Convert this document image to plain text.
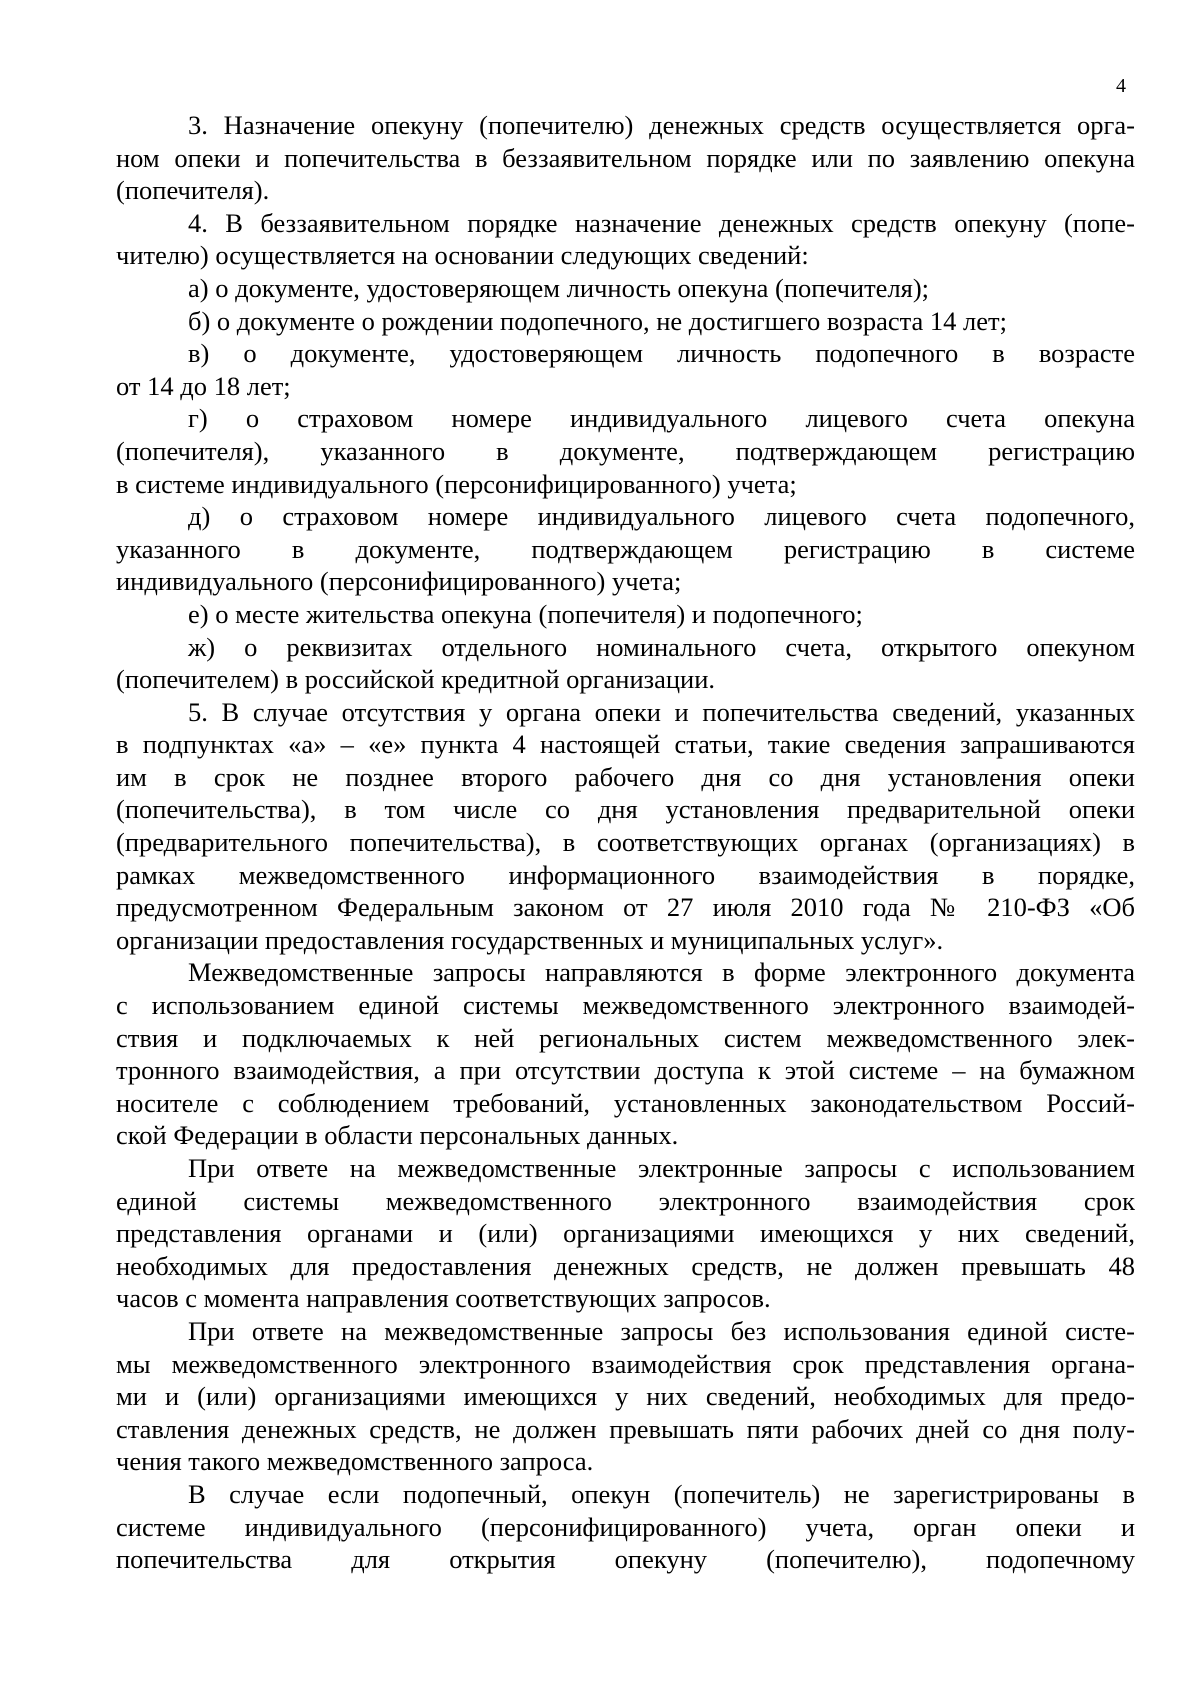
4
3. Назначение опекуну (попечителю) денежных средств осуществляется орга-
ном опеки и попечительства в беззаявительном порядке или по заявлению опекуна
(попечителя).
4. В беззаявительном порядке назначение денежных средств опекуну (попе-
чителю) осуществляется на основании следующих сведений:
а) о документе, удостоверяющем личность опекуна (попечителя);
б) о документе о рождении подопечного, не достигшего возраста 14 лет;
в) о документе, удостоверяющем личность подопечного в возрасте
от 14 до 18 лет;
г) о страховом номере индивидуального лицевого счета опекуна
(попечителя), указанного в документе, подтверждающем регистрацию
в системе индивидуального (персонифицированного) учета;
д) о страховом номере индивидуального лицевого счета подопечного,
указанного в документе, подтверждающем регистрацию в системе
индивидуального (персонифицированного) учета;
е) о месте жительства опекуна (попечителя) и подопечного;
ж) о реквизитах отдельного номинального счета, открытого опекуном
(попечителем) в российской кредитной организации.
5. В случае отсутствия у органа опеки и попечительства сведений, указанных
в подпунктах «а» – «е» пункта 4 настоящей статьи, такие сведения запрашиваются
им в срок не позднее второго рабочего дня со дня установления опеки
(попечительства), в том числе со дня установления предварительной опеки
(предварительного попечительства), в соответствующих органах (организациях) в
рамках межведомственного информационного взаимодействия в порядке,
предусмотренном Федеральным законом от 27 июля 2010 года № 210-ФЗ «Об
организации предоставления государственных и муниципальных услуг».
Межведомственные запросы направляются в форме электронного документа
с использованием единой системы межведомственного электронного взаимодей-
ствия и подключаемых к ней региональных систем межведомственного элек-
тронного взаимодействия, а при отсутствии доступа к этой системе – на бумажном
носителе с соблюдением требований, установленных законодательством Россий-
ской Федерации в области персональных данных.
При ответе на межведомственные электронные запросы с использованием
единой системы межведомственного электронного взаимодействия срок
представления органами и (или) организациями имеющихся у них сведений,
необходимых для предоставления денежных средств, не должен превышать 48
часов с момента направления соответствующих запросов.
При ответе на межведомственные запросы без использования единой систе-
мы межведомственного электронного взаимодействия срок представления органа-
ми и (или) организациями имеющихся у них сведений, необходимых для предо-
ставления денежных средств, не должен превышать пяти рабочих дней со дня полу-
чения такого межведомственного запроса.
В случае если подопечный, опекун (попечитель) не зарегистрированы в
системе индивидуального (персонифицированного) учета, орган опеки и
попечительства для открытия опекуну (попечителю), подопечному
